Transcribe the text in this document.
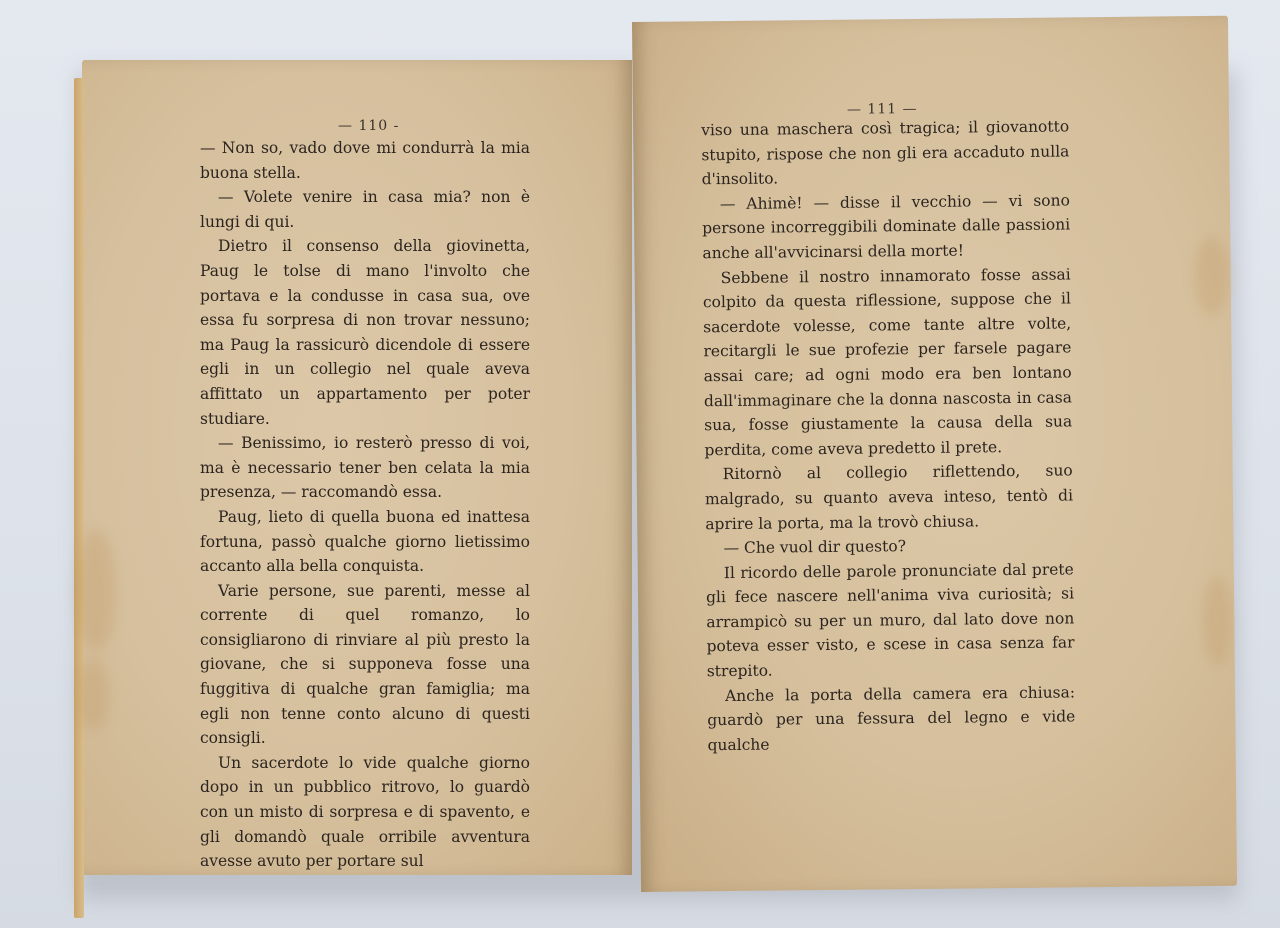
— 110 -

— Non so, vado dove mi condurrà la mia buona stella.

— Volete venire in casa mia? non è lungi di qui.

Dietro il consenso della giovinetta, Paug le tolse di mano l'involto che portava e la condusse in casa sua, ove essa fu sorpresa di non trovar nessuno; ma Paug la rassicurò dicendole di essere egli in un collegio nel quale aveva affittato un appartamento per poter studiare.

— Benissimo, io resterò presso di voi, ma è necessario tener ben celata la mia presenza, — raccomandò essa.

Paug, lieto di quella buona ed inattesa fortuna, passò qualche giorno lietissimo accanto alla bella conquista.

Varie persone, sue parenti, messe al corrente di quel romanzo, lo consigliarono di rinviare al più presto la giovane, che si supponeva fosse una fuggitiva di qualche gran famiglia; ma egli non tenne conto alcuno di questi consigli.

Un sacerdote lo vide qualche giorno dopo in un pubblico ritrovo, lo guardò con un misto di sorpresa e di spavento, e gli domandò quale orribile avventura avesse avuto per portare sul

— 111 —

viso una maschera così tragica; il giovanotto stupito, rispose che non gli era accaduto nulla d'insolito.

— Ahimè! — disse il vecchio — vi sono persone incorreggibili dominate dalle passioni anche all'avvicinarsi della morte!

Sebbene il nostro innamorato fosse assai colpito da questa riflessione, suppose che il sacerdote volesse, come tante altre volte, recitargli le sue profezie per farsele pagare assai care; ad ogni modo era ben lontano dall'immaginare che la donna nascosta in casa sua, fosse giustamente la causa della sua perdita, come aveva predetto il prete.

Ritornò al collegio riflettendo, suo malgrado, su quanto aveva inteso, tentò di aprire la porta, ma la trovò chiusa.

— Che vuol dir questo?

Il ricordo delle parole pronunciate dal prete gli fece nascere nell'anima viva curiosità; si arrampicò su per un muro, dal lato dove non poteva esser visto, e scese in casa senza far strepito.

Anche la porta della camera era chiusa: guardò per una fessura del legno e vide qualche
